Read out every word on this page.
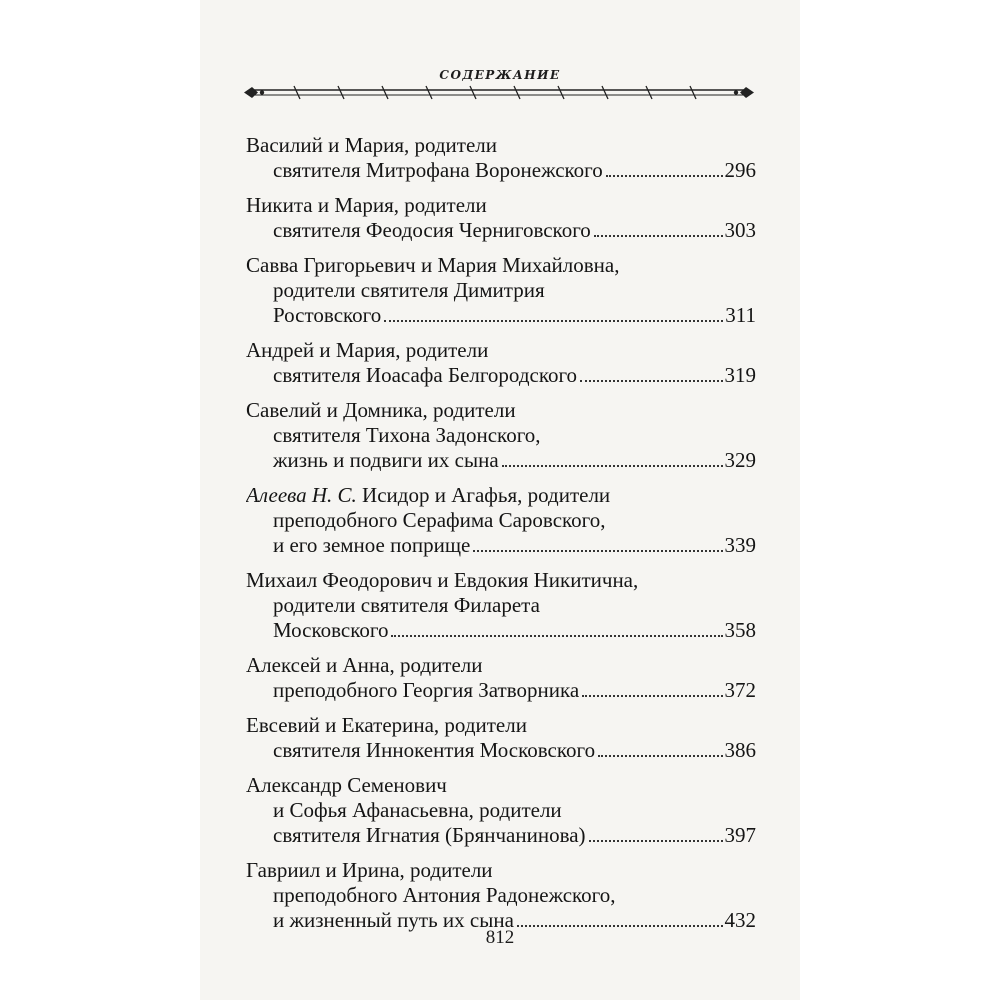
СОДЕРЖАНИЕ
Василий и Мария, родители
святителя Митрофана Воронежского	296
Никита и Мария, родители
святителя Феодосия Черниговского	303
Савва Григорьевич и Мария Михайловна,
родители святителя Димитрия
Ростовского	311
Андрей и Мария, родители
святителя Иоасафа Белгородского	319
Савелий и Домника, родители
святителя Тихона Задонского,
жизнь и подвиги их сына	329
Алеева Н. С. Исидор и Агафья, родители
преподобного Серафима Саровского,
и его земное поприще	339
Михаил Феодорович и Евдокия Никитична,
родители святителя Филарета
Московского	358
Алексей и Анна, родители
преподобного Георгия Затворника	372
Евсевий и Екатерина, родители
святителя Иннокентия Московского	386
Александр Семенович
и Софья Афанасьевна, родители
святителя Игнатия (Брянчанинова)	397
Гавриил и Ирина, родители
преподобного Антония Радонежского,
и жизненный путь их сына	432
812
